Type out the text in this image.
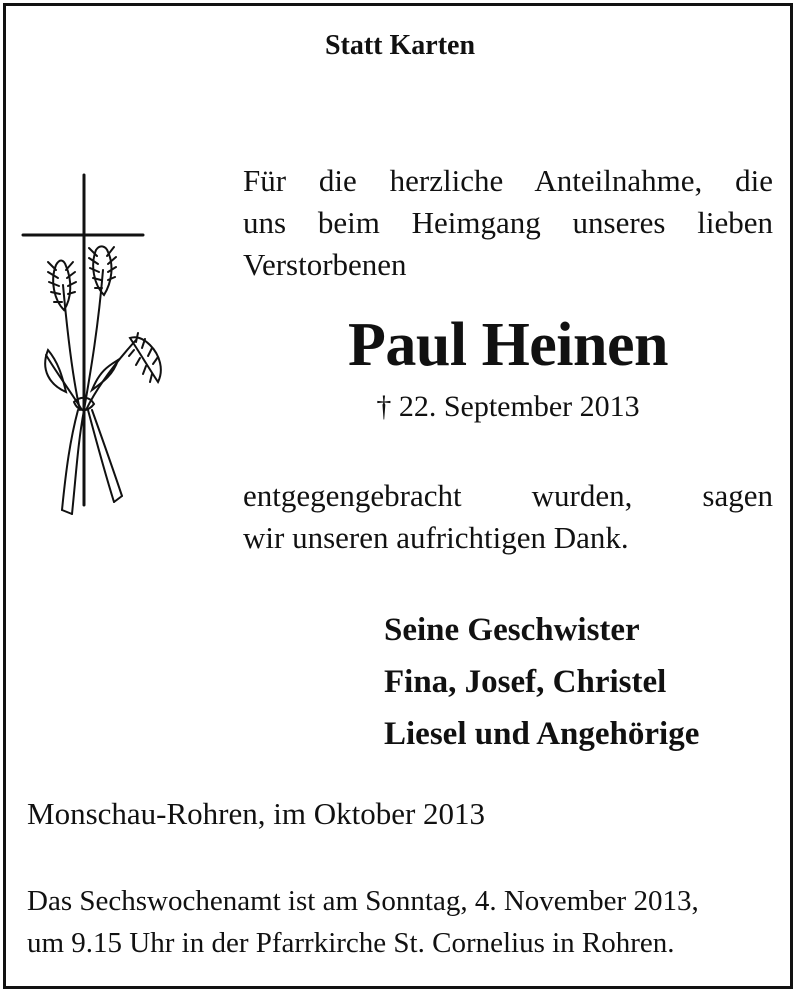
Statt Karten
Für die herzliche Anteilnahme, die
uns beim Heimgang unseres lieben
Verstorbenen
Paul Heinen
† 22. September 2013
entgegengebracht wurden, sagen
wir unseren aufrichtigen Dank.
Seine Geschwister
Fina, Josef, Christel
Liesel und Angehörige
Monschau-Rohren, im Oktober 2013
Das Sechswochenamt ist am Sonntag, 4. November 2013,
um 9.15 Uhr in der Pfarrkirche St. Cornelius in Rohren.
